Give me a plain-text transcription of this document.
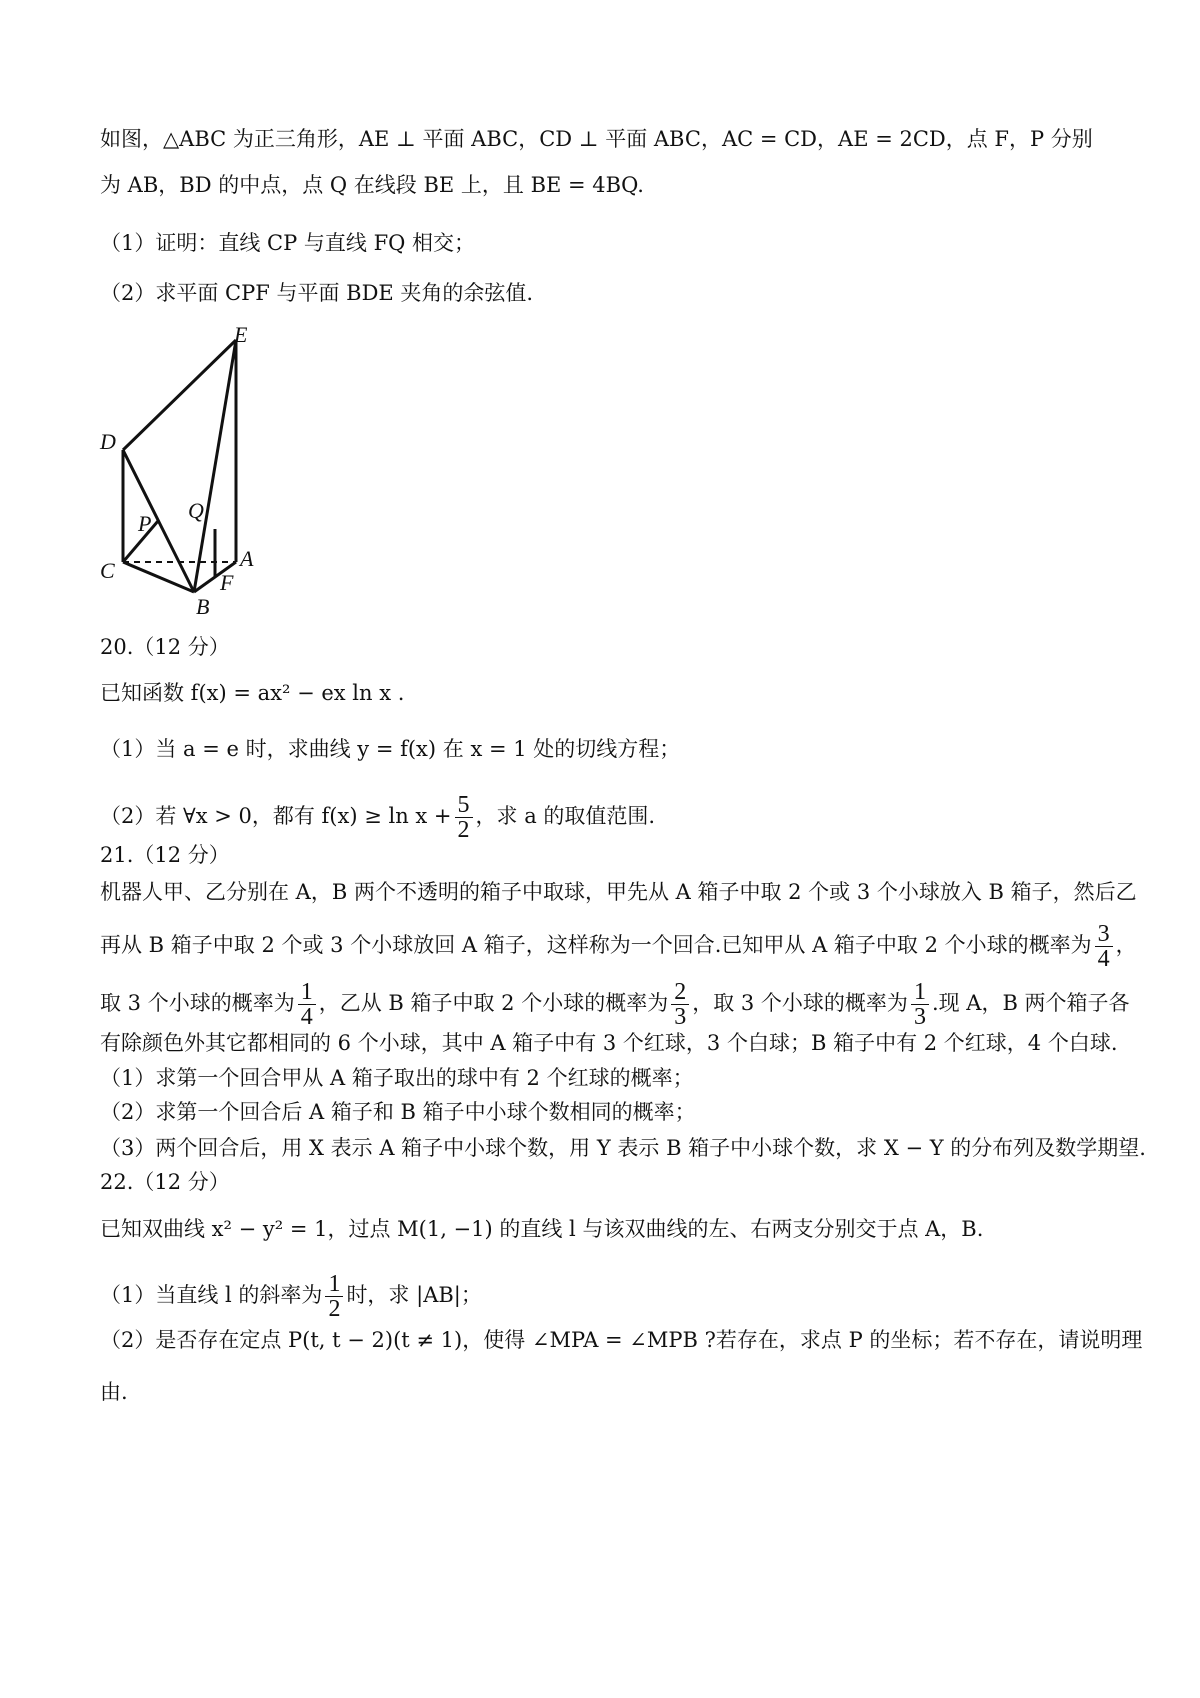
如图，△ABC 为正三角形，AE ⊥ 平面 ABC，CD ⊥ 平面 ABC，AC = CD，AE = 2CD，点 F，P 分别
为 AB，BD 的中点，点 Q 在线段 BE 上，且 BE = 4BQ.
（1）证明：直线 CP 与直线 FQ 相交；
（2）求平面 CPF 与平面 BDE 夹角的余弦值.
E
D
Q
P
C	A
F
B
20.（12 分）
已知函数 f(x) = ax² − ex ln x .
（1）当 a = e 时，求曲线 y = f(x) 在 x = 1 处的切线方程；
（2）若 ∀x > 0，都有 $f(x) \ge \ln x + \frac{5}{2}$ ，求 a 的取值范围.
21.（12 分）
机器人甲、乙分别在 A，B 两个不透明的箱子中取球，甲先从 A 箱子中取 2 个或 3 个小球放入 B 箱子，然后乙
再从 B 箱子中取 2 个或 3 个小球放回 A 箱子，这样称为一个回合.已知甲从 A 箱子中取 2 个小球的概率为 $\frac{3}{4}$ ，
取 3 个小球的概率为 $\frac{1}{4}$ ，乙从 B 箱子中取 2 个小球的概率为 $\frac{2}{3}$ ，取 3 个小球的概率为 $\frac{1}{3}$ .现 A，B 两个箱子各
有除颜色外其它都相同的 6 个小球，其中 A 箱子中有 3 个红球，3 个白球；B 箱子中有 2 个红球，4 个白球.
（1）求第一个回合甲从 A 箱子取出的球中有 2 个红球的概率；
（2）求第一个回合后 A 箱子和 B 箱子中小球个数相同的概率；
（3）两个回合后，用 X 表示 A 箱子中小球个数，用 Y 表示 B 箱子中小球个数，求 X − Y 的分布列及数学期望.
22.（12 分）
已知双曲线 x² − y² = 1，过点 M(1, −1) 的直线 l 与该双曲线的左、右两支分别交于点 A，B.
（1）当直线 l 的斜率为 $\frac{1}{2}$ 时，求 |AB|；
（2）是否存在定点 P(t, t − 2)(t ≠ 1)，使得 ∠MPA = ∠MPB ?若存在，求点 P 的坐标；若不存在，请说明理
由.
